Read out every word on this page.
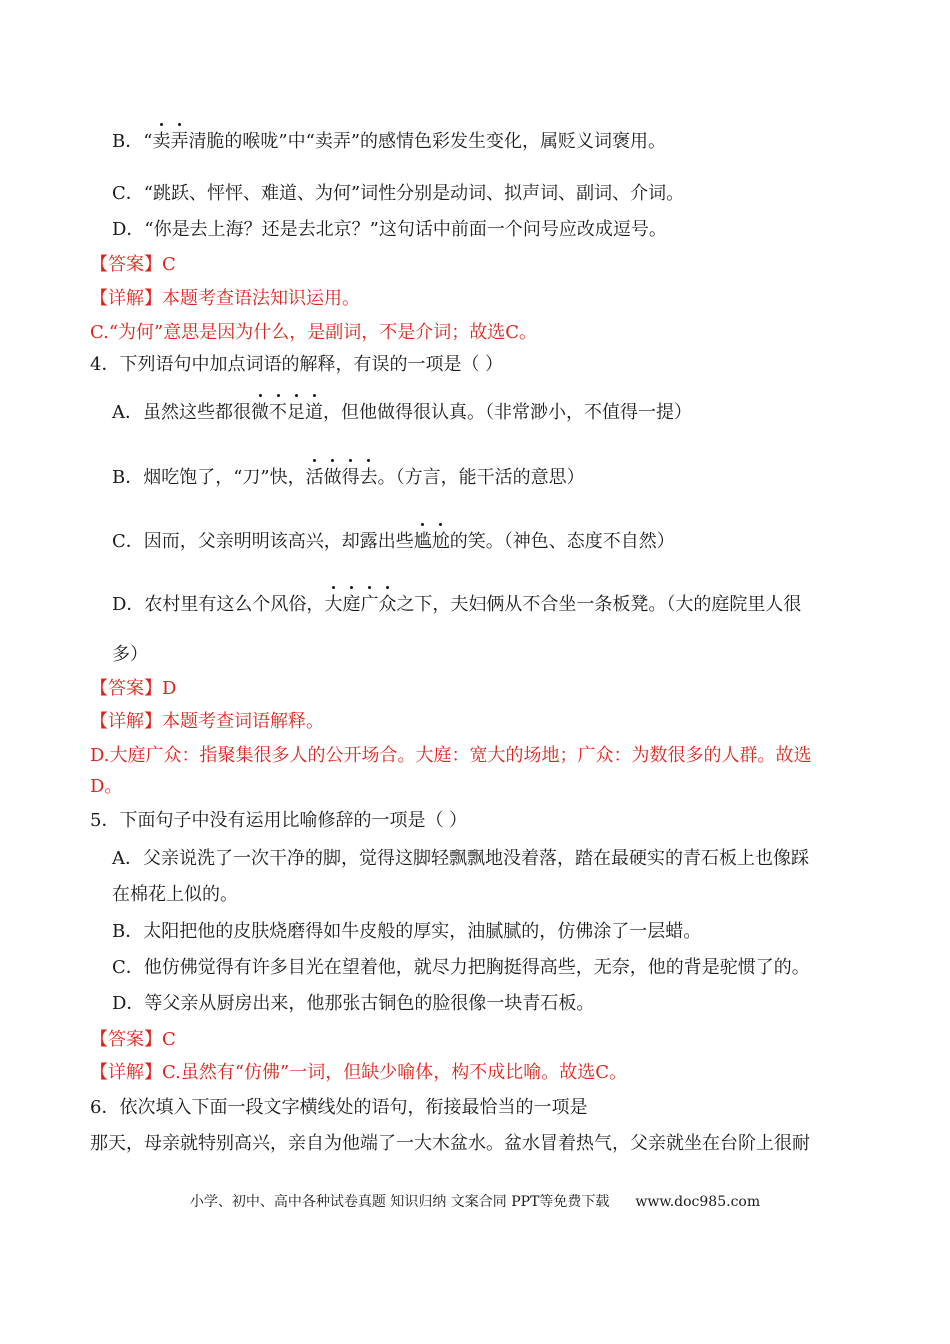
B．“卖弄清脆的喉咙”中“卖弄”的感情色彩发生变化，属贬义词褒用。
C．“跳跃、怦怦、难道、为何”词性分别是动词、拟声词、副词、介词。
D．“你是去上海？还是去北京？”这句话中前面一个问号应改成逗号。
【答案】C
【详解】本题考查语法知识运用。
C.“为何”意思是因为什么，是副词，不是介词；故选C。
4．下列语句中加点词语的解释，有误的一项是（ ）
A．虽然这些都很微不足道，但他做得很认真。（非常渺小，不值得一提）
B．烟吃饱了，“刀”快，活做得去。（方言，能干活的意思）
C．因而，父亲明明该高兴，却露出些尴尬的笑。（神色、态度不自然）
D．农村里有这么个风俗，大庭广众之下，夫妇俩从不合坐一条板凳。（大的庭院里人很
多）
【答案】D
【详解】本题考查词语解释。
D.大庭广众：指聚集很多人的公开场合。大庭：宽大的场地；广众：为数很多的人群。故选
D。
5．下面句子中没有运用比喻修辞的一项是（ ）
A．父亲说洗了一次干净的脚，觉得这脚轻飘飘地没着落，踏在最硬实的青石板上也像踩
在棉花上似的。
B．太阳把他的皮肤烧磨得如牛皮般的厚实，油腻腻的，仿佛涂了一层蜡。
C．他仿佛觉得有许多目光在望着他，就尽力把胸挺得高些，无奈，他的背是驼惯了的。
D．等父亲从厨房出来，他那张古铜色的脸很像一块青石板。
【答案】C
【详解】C.虽然有“仿佛”一词，但缺少喻体，构不成比喻。故选C。
6．依次填入下面一段文字横线处的语句，衔接最恰当的一项是
那天，母亲就特别高兴，亲自为他端了一大木盆水。盆水冒着热气，父亲就坐在台阶上很耐
小学、初中、高中各种试卷真题 知识归纳 文案合同 PPT等免费下载 www.doc985.com
